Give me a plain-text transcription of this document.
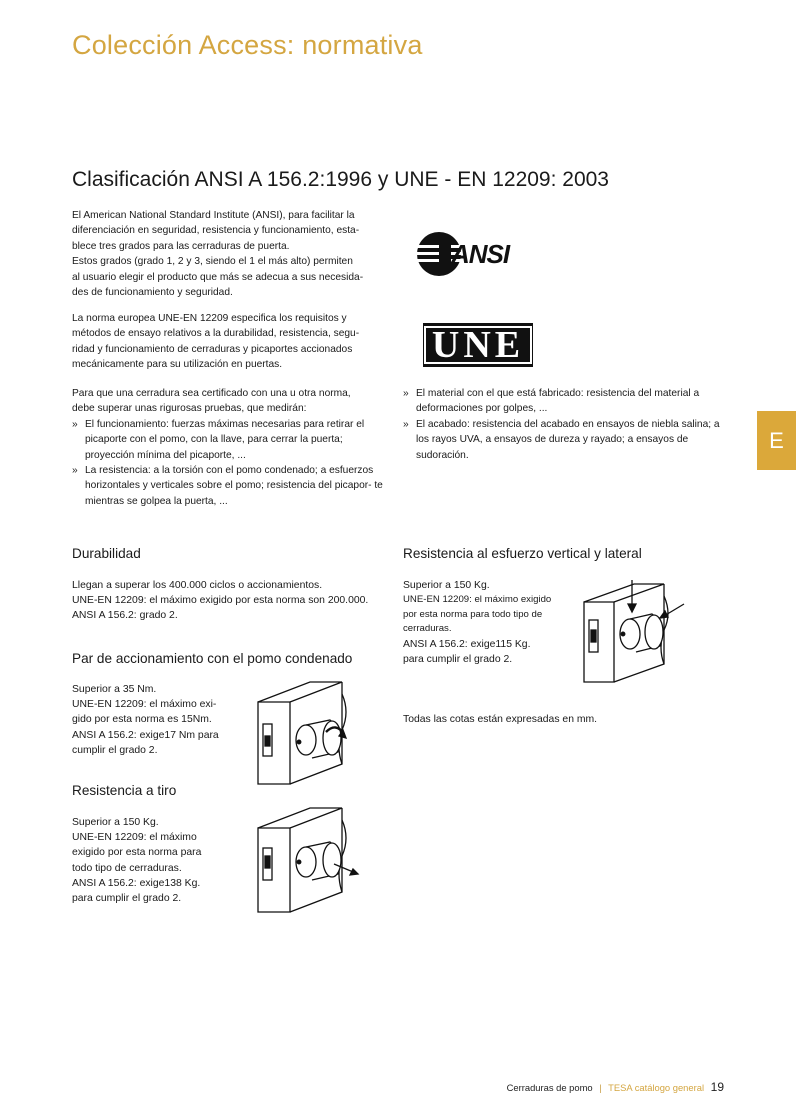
Colección Access: normativa
Clasificación ANSI A 156.2:1996 y UNE - EN 12209: 2003

El American National Standard Institute (ANSI), para facilitar la

diferenciación en seguridad, resistencia y funcionamiento, esta-

blece tres grados para las cerraduras de puerta.

Estos grados (grado 1, 2 y 3, siendo el 1 el más alto) permiten

al usuario elegir el producto que más se adecua a sus necesida-

des de funcionamiento y seguridad.

La norma europea UNE-EN 12209 especifica los requisitos y

métodos de ensayo relativos a la durabilidad, resistencia, segu-

ridad y funcionamiento de cerraduras y picaportes accionados

mecánicamente para su utilización en puertas.

Para que una cerradura sea certificado con una u otra norma,

debe superar unas rigurosas pruebas, que medirán:

» El funcionamiento: fuerzas máximas necesarias para retirar el picaporte con el pomo, con la llave, para cerrar la puerta; proyección mínima del picaporte, ...
» La resistencia: a la torsión con el pomo condenado; a esfuerzos horizontales y verticales sobre el pomo; resistencia del picapor- te mientras se golpea la puerta, ...
» El material con el que está fabricado: resistencia del material a deformaciones por golpes, ...
» El acabado: resistencia del acabado en ensayos de niebla salina; a los rayos UVA, a ensayos de dureza y rayado; a ensayos de sudoración.
ANSI
UNE
E
Durabilidad
Llegan a superar los 400.000 ciclos o accionamientos.
UNE-EN 12209: el máximo exigido por esta norma son 200.000.
ANSI A 156.2: grado 2.
Par de accionamiento con el pomo condenado
Superior a 35 Nm.
UNE-EN 12209: el máximo exi-
gido por esta norma es 15Nm.
ANSI A 156.2: exige17 Nm para
cumplir el grado 2.
Resistencia a tiro
Superior a 150 Kg.
UNE-EN 12209: el máximo
exigido por esta norma para
todo tipo de cerraduras.
ANSI A 156.2: exige138 Kg.
para cumplir el grado 2.
Resistencia al esfuerzo vertical y lateral
Superior a 150 Kg.
UNE-EN 12209: el máximo exigido
por esta norma para todo tipo de
cerraduras.
ANSI A 156.2: exige115 Kg.
para cumplir el grado 2.
Todas las cotas están expresadas en mm.
Cerraduras de pomo | TESA catálogo general 19
